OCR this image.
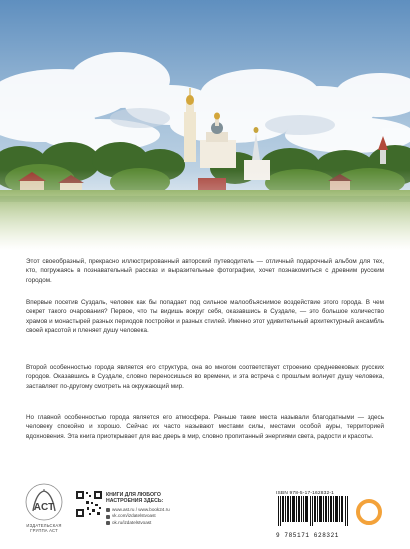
Этот своеобразный, прекрасно иллюстрированный авторский путеводитель — отличный подарочный альбом для тех, кто, погружаясь в познавательный рассказ и выразительные фотографии, хочет познакомиться с древним русским городом.

Впервые посетив Суздаль, человек как бы попадает под сильное малообъяснимое воздействие этого города. В чем секрет такого очарования? Первое, что ты видишь вокруг себя, оказавшись в Суздале, — это большое количество храмов и монастырей разных периодов постройки и разных стилей. Именно этот удивительный архитектурный ансамбль своей красотой и пленяет душу человека.

Второй особенностью города является его структура, она во многом соответствует строению средневековых русских городов. Оказавшись в Суздале, словно переносишься во времени, и эта встреча с прошлым волнует душу человека, заставляет по-другому смотреть на окружающий мир.

Но главной особенностью города является его атмосфера. Раньше такие места называли благодатными — здесь человеку спокойно и хорошо. Сейчас их часто называют местами силы, местами особой ауры, территорией вдохновения. Эта книга приоткрывает для вас дверь в мир, словно пропитанный энергиями света, радости и красоты.

ACT
ИЗДАТЕЛЬСКАЯ ГРУППА АСТ
КНИГИ ДЛЯ ЛЮБОГО НАСТРОЕНИЯ ЗДЕСЬ:
www.ast.ru / www.book24.ru
vk.com/izdatelstvoast
ok.ru/izdatelstvoast
ISBN 978-5-17-162832-1
9 785171 628321
